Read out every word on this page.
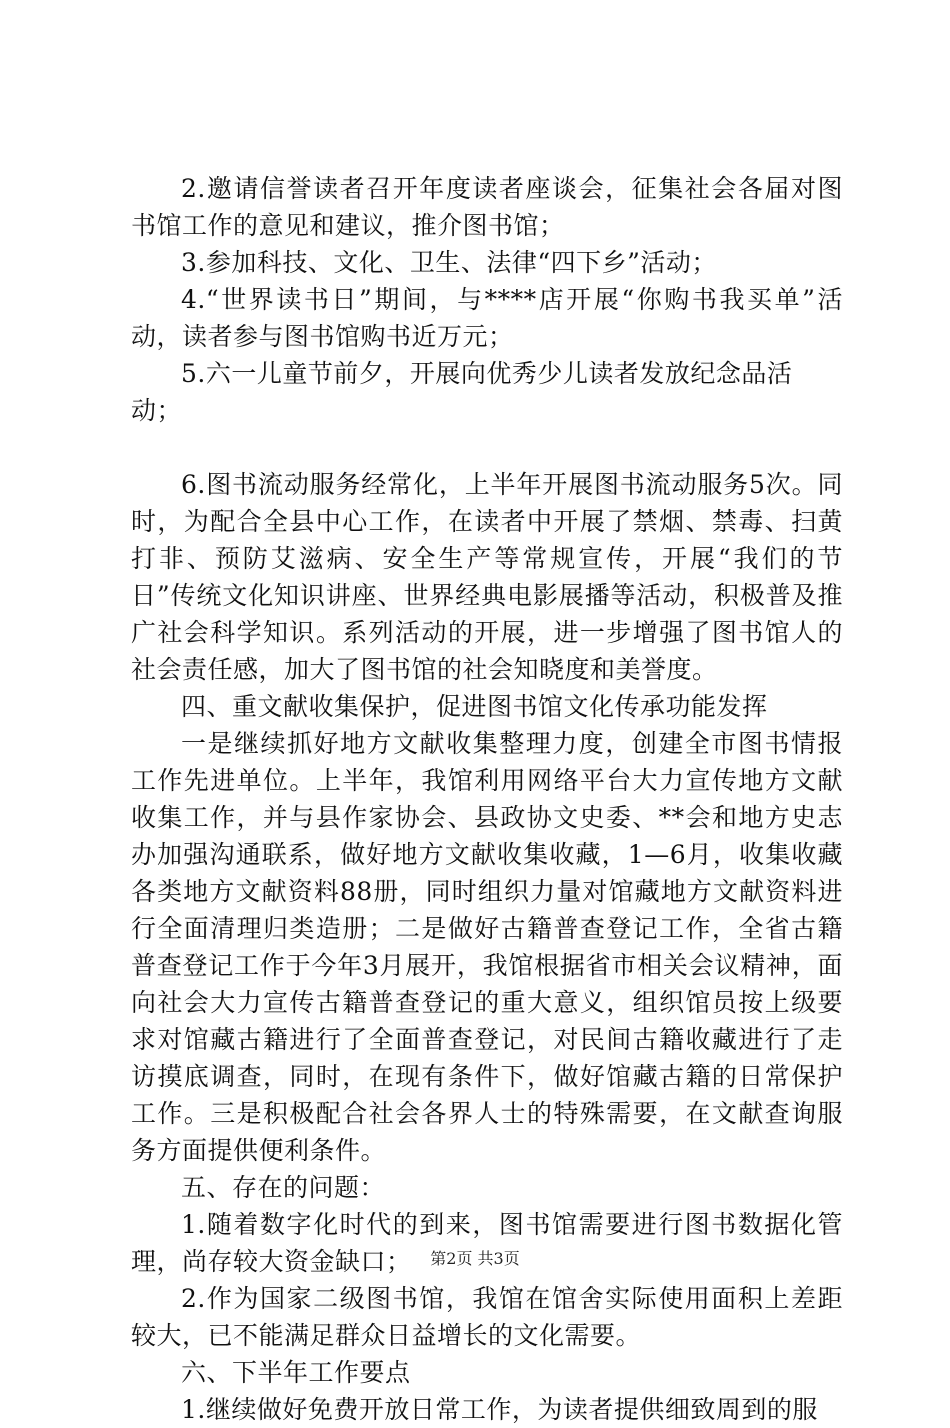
2.邀请信誉读者召开年度读者座谈会，征集社会各届对图书馆工作的意见和建议，推介图书馆；

3.参加科技、文化、卫生、法律“四下乡”活动；

4.“世界读书日”期间，与****店开展“你购书我买单”活动，读者参与图书馆购书近万元；

5.六一儿童节前夕，开展向优秀少儿读者发放纪念品活动；

6.图书流动服务经常化，上半年开展图书流动服务5次。同时，为配合全县中心工作，在读者中开展了禁烟、禁毒、扫黄打非、预防艾滋病、安全生产等常规宣传，开展“我们的节日”传统文化知识讲座、世界经典电影展播等活动，积极普及推广社会科学知识。系列活动的开展，进一步增强了图书馆人的社会责任感，加大了图书馆的社会知晓度和美誉度。

四、重文献收集保护，促进图书馆文化传承功能发挥

一是继续抓好地方文献收集整理力度，创建全市图书情报工作先进单位。上半年，我馆利用网络平台大力宣传地方文献收集工作，并与县作家协会、县政协文史委、**会和地方史志办加强沟通联系，做好地方文献收集收藏，1—6月，收集收藏各类地方文献资料88册，同时组织力量对馆藏地方文献资料进行全面清理归类造册；二是做好古籍普查登记工作，全省古籍普查登记工作于今年3月展开，我馆根据省市相关会议精神，面向社会大力宣传古籍普查登记的重大意义，组织馆员按上级要求对馆藏古籍进行了全面普查登记，对民间古籍收藏进行了走访摸底调查，同时，在现有条件下，做好馆藏古籍的日常保护工作。三是积极配合社会各界人士的特殊需要，在文献查询服务方面提供便利条件。

五、存在的问题：

1.随着数字化时代的到来，图书馆需要进行图书数据化管理，尚存较大资金缺口；

2.作为国家二级图书馆，我馆在馆舍实际使用面积上差距较大，已不能满足群众日益增长的文化需要。

六、下半年工作要点

1.继续做好免费开放日常工作，为读者提供细致周到的服

第2页 共3页
